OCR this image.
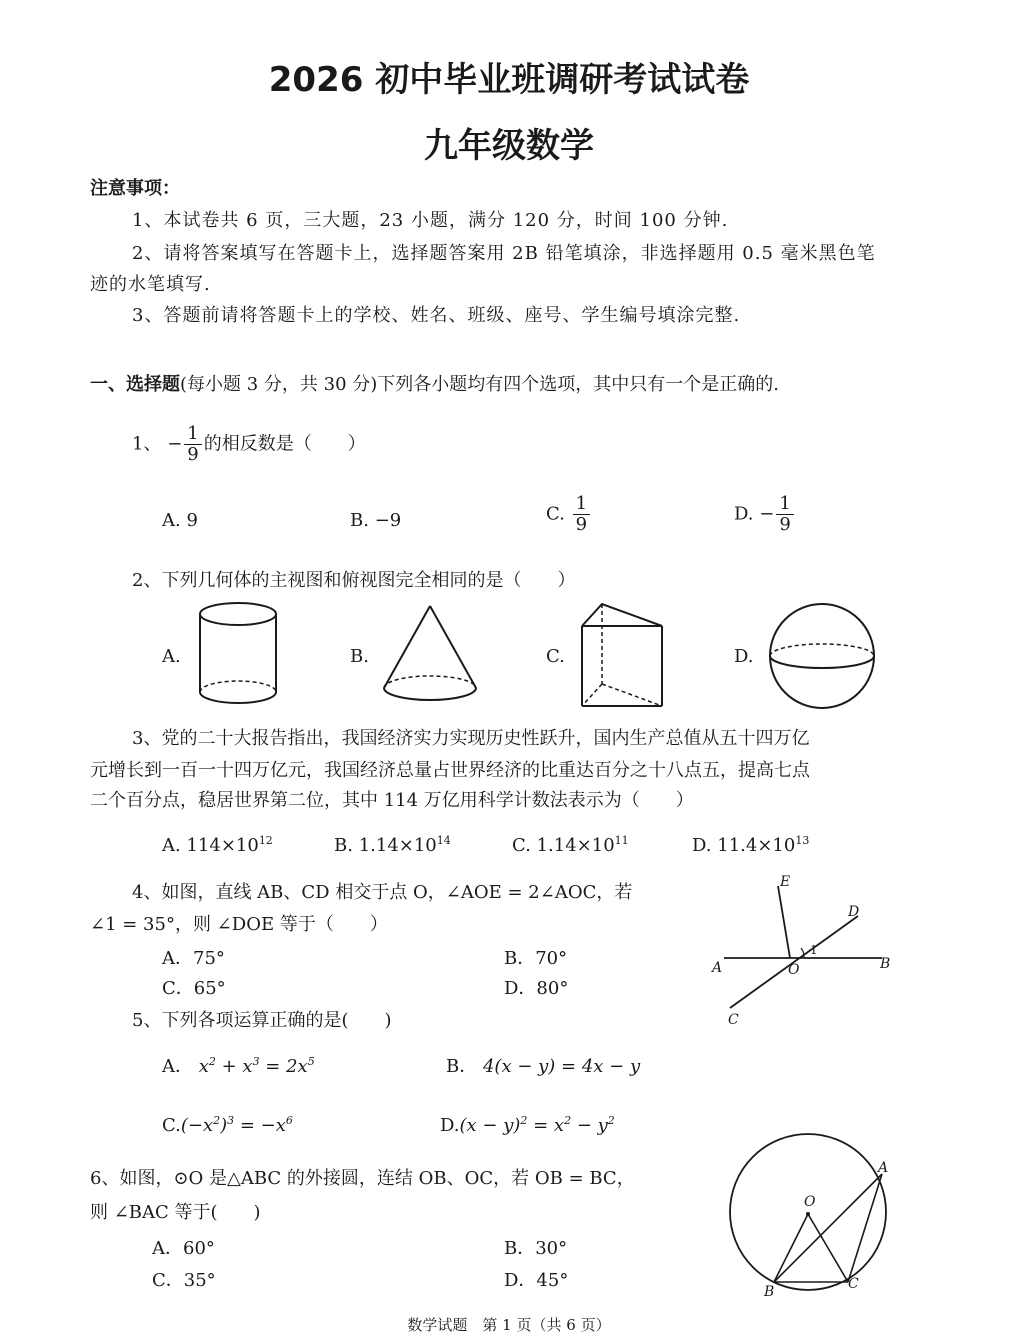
2026 初中毕业班调研考试试卷
九年级数学
注意事项：
1、本试卷共 6 页，三大题，23 小题，满分 120 分，时间 100 分钟.
2、请将答案填写在答题卡上，选择题答案用 2B 铅笔填涂，非选择题用 0.5 毫米黑色笔
迹的水笔填写.
3、答题前请将答题卡上的学校、姓名、班级、座号、学生编号填涂完整.
一、选择题(每小题 3 分，共 30 分)下列各小题均有四个选项，其中只有一个是正确的.
1、 − $\frac{1}{9}$ 的相反数是（　　）
A. 9	B. −9	C. $\frac{1}{9}$	D. − $\frac{1}{9}$
2、下列几何体的主视图和俯视图完全相同的是（　　）
A.	B.	C.	D.
3、党的二十大报告指出，我国经济实力实现历史性跃升，国内生产总值从五十四万亿
元增长到一百一十四万亿元，我国经济总量占世界经济的比重达百分之十八点五，提高七点
二个百分点，稳居世界第二位，其中 114 万亿用科学计数法表示为（　　）
A. $114\times 10^{12}$	B. $1.14\times 10^{14}$	C. $1.14\times 10^{11}$	D. $11.4\times 10^{13}$
4、如图，直线 AB、CD 相交于点 O，∠AOE = 2∠AOC，若
∠1 = 35°，则 ∠DOE 等于（　　）
A．75°	B．70°
C．65°	D．80°
E
D
A	O	B
C
1
5、下列各项运算正确的是(　　)
A． $x^2 + x^3 = 2x^5$	B． 4(x − y) = 4x − y
$C.(-x^2)^3 = -x^6$	$D.(x - y)^2 = x^2 - y^2$
6、如图，⊙O 是△ABC 的外接圆，连结 OB、OC，若 OB = BC，
则 ∠BAC 等于(　　)
A．60°	B．30°
C．35°	D．45°
A
O
B	C
数学试题　第 1 页（共 6 页）
